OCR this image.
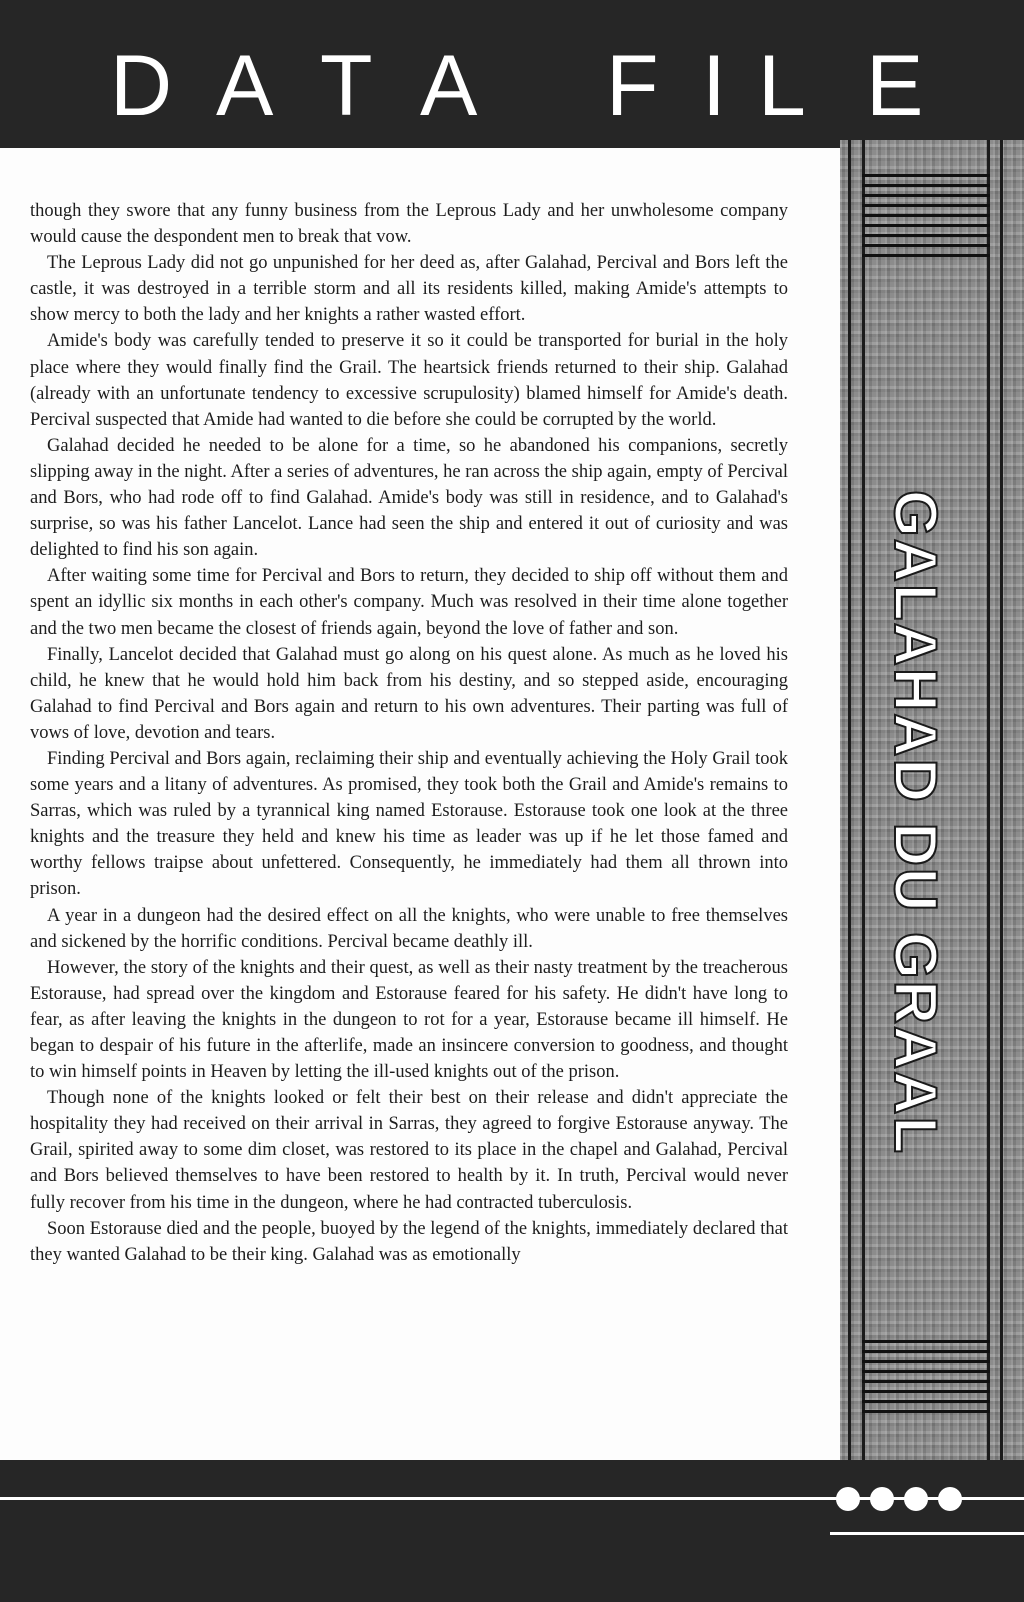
D A T A F I L E
GALAHAD DU GRAAL

though they swore that any funny business from the Leprous Lady and her unwholesome company would cause the despondent men to break that vow.

The Leprous Lady did not go unpunished for her deed as, after Galahad, Percival and Bors left the castle, it was destroyed in a terrible storm and all its residents killed, making Amide's attempts to show mercy to both the lady and her knights a rather wasted effort.

Amide's body was carefully tended to preserve it so it could be transported for burial in the holy place where they would finally find the Grail. The heartsick friends returned to their ship. Galahad (already with an unfortunate tendency to excessive scrupulosity) blamed himself for Amide's death. Percival suspected that Amide had wanted to die before she could be corrupted by the world.

Galahad decided he needed to be alone for a time, so he abandoned his companions, secretly slipping away in the night. After a series of adventures, he ran across the ship again, empty of Percival and Bors, who had rode off to find Galahad. Amide's body was still in residence, and to Galahad's surprise, so was his father Lancelot. Lance had seen the ship and entered it out of curiosity and was delighted to find his son again.

After waiting some time for Percival and Bors to return, they decided to ship off without them and spent an idyllic six months in each other's company. Much was resolved in their time alone together and the two men became the closest of friends again, beyond the love of father and son.

Finally, Lancelot decided that Galahad must go along on his quest alone. As much as he loved his child, he knew that he would hold him back from his destiny, and so stepped aside, encouraging Galahad to find Percival and Bors again and return to his own adventures. Their parting was full of vows of love, devotion and tears.

Finding Percival and Bors again, reclaiming their ship and eventually achieving the Holy Grail took some years and a litany of adventures. As promised, they took both the Grail and Amide's remains to Sarras, which was ruled by a tyrannical king named Estorause. Estorause took one look at the three knights and the treasure they held and knew his time as leader was up if he let those famed and worthy fellows traipse about unfettered. Consequently, he immediately had them all thrown into prison.

A year in a dungeon had the desired effect on all the knights, who were unable to free themselves and sickened by the horrific conditions. Percival became deathly ill.

However, the story of the knights and their quest, as well as their nasty treatment by the treacherous Estorause, had spread over the kingdom and Estorause feared for his safety. He didn't have long to fear, as after leaving the knights in the dungeon to rot for a year, Estorause became ill himself. He began to despair of his future in the afterlife, made an insincere conversion to goodness, and thought to win himself points in Heaven by letting the ill-used knights out of the prison.

Though none of the knights looked or felt their best on their release and didn't appreciate the hospitality they had received on their arrival in Sarras, they agreed to forgive Estorause anyway. The Grail, spirited away to some dim closet, was restored to its place in the chapel and Galahad, Percival and Bors believed themselves to have been restored to health by it. In truth, Percival would never fully recover from his time in the dungeon, where he had contracted tuberculosis.

Soon Estorause died and the people, buoyed by the legend of the knights, immediately declared that they wanted Galahad to be their king. Galahad was as emotionally
